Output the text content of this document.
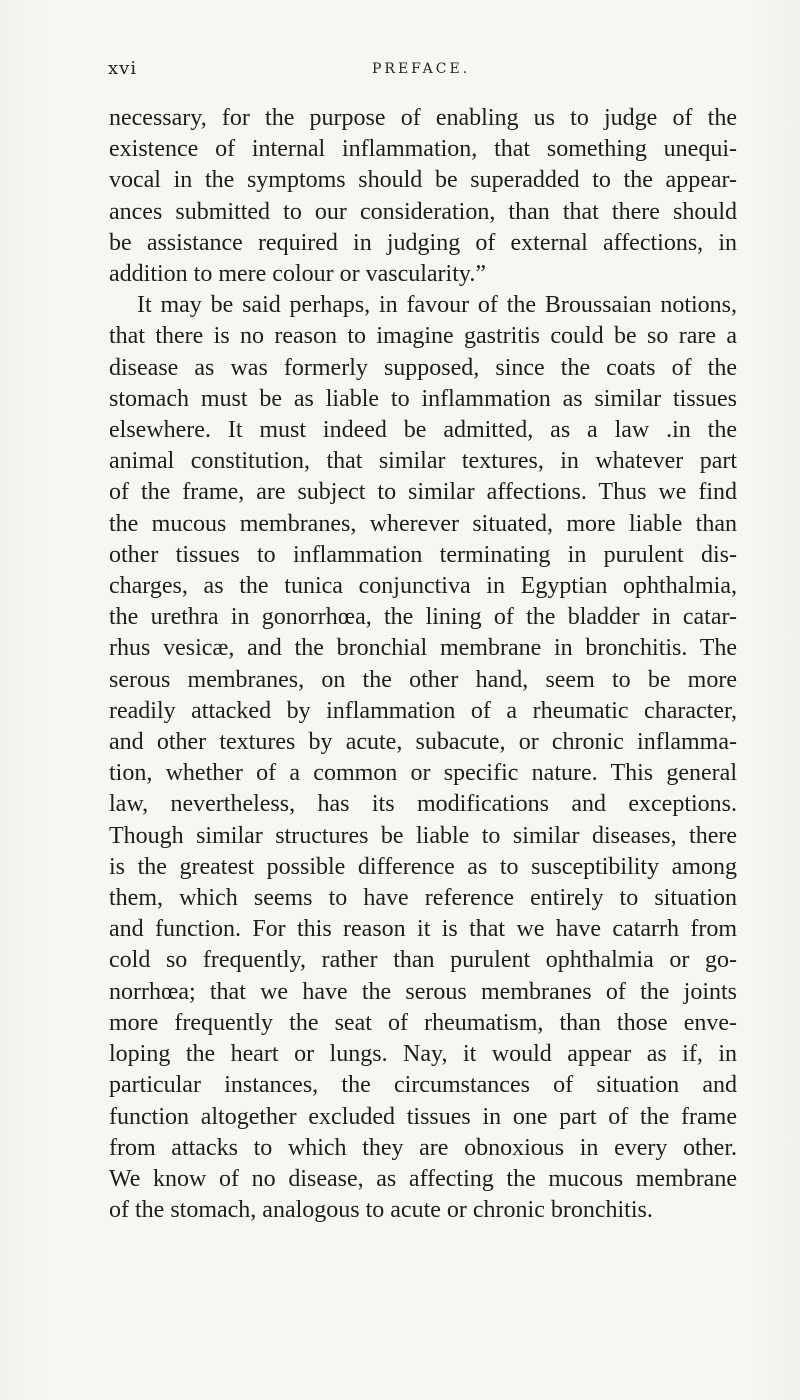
xvi	PREFACE.
necessary, for the purpose of enabling us to judge of the
existence of internal inflammation, that something unequi-
vocal in the symptoms should be superadded to the appear-
ances submitted to our consideration, than that there should
be assistance required in judging of external affections, in
addition to mere colour or vascularity.”
It may be said perhaps, in favour of the Broussaian notions,
that there is no reason to imagine gastritis could be so rare a
disease as was formerly supposed, since the coats of the
stomach must be as liable to inflammation as similar tissues
elsewhere. It must indeed be admitted, as a law .in the
animal constitution, that similar textures, in whatever part
of the frame, are subject to similar affections. Thus we find
the mucous membranes, wherever situated, more liable than
other tissues to inflammation terminating in purulent dis-
charges, as the tunica conjunctiva in Egyptian ophthalmia,
the urethra in gonorrhœa, the lining of the bladder in catar-
rhus vesicæ, and the bronchial membrane in bronchitis. The
serous membranes, on the other hand, seem to be more
readily attacked by inflammation of a rheumatic character,
and other textures by acute, subacute, or chronic inflamma-
tion, whether of a common or specific nature. This general
law, nevertheless, has its modifications and exceptions.
Though similar structures be liable to similar diseases, there
is the greatest possible difference as to susceptibility among
them, which seems to have reference entirely to situation
and function. For this reason it is that we have catarrh from
cold so frequently, rather than purulent ophthalmia or go-
norrhœa; that we have the serous membranes of the joints
more frequently the seat of rheumatism, than those enve-
loping the heart or lungs. Nay, it would appear as if, in
particular instances, the circumstances of situation and
function altogether excluded tissues in one part of the frame
from attacks to which they are obnoxious in every other.
We know of no disease, as affecting the mucous membrane
of the stomach, analogous to acute or chronic bronchitis.
